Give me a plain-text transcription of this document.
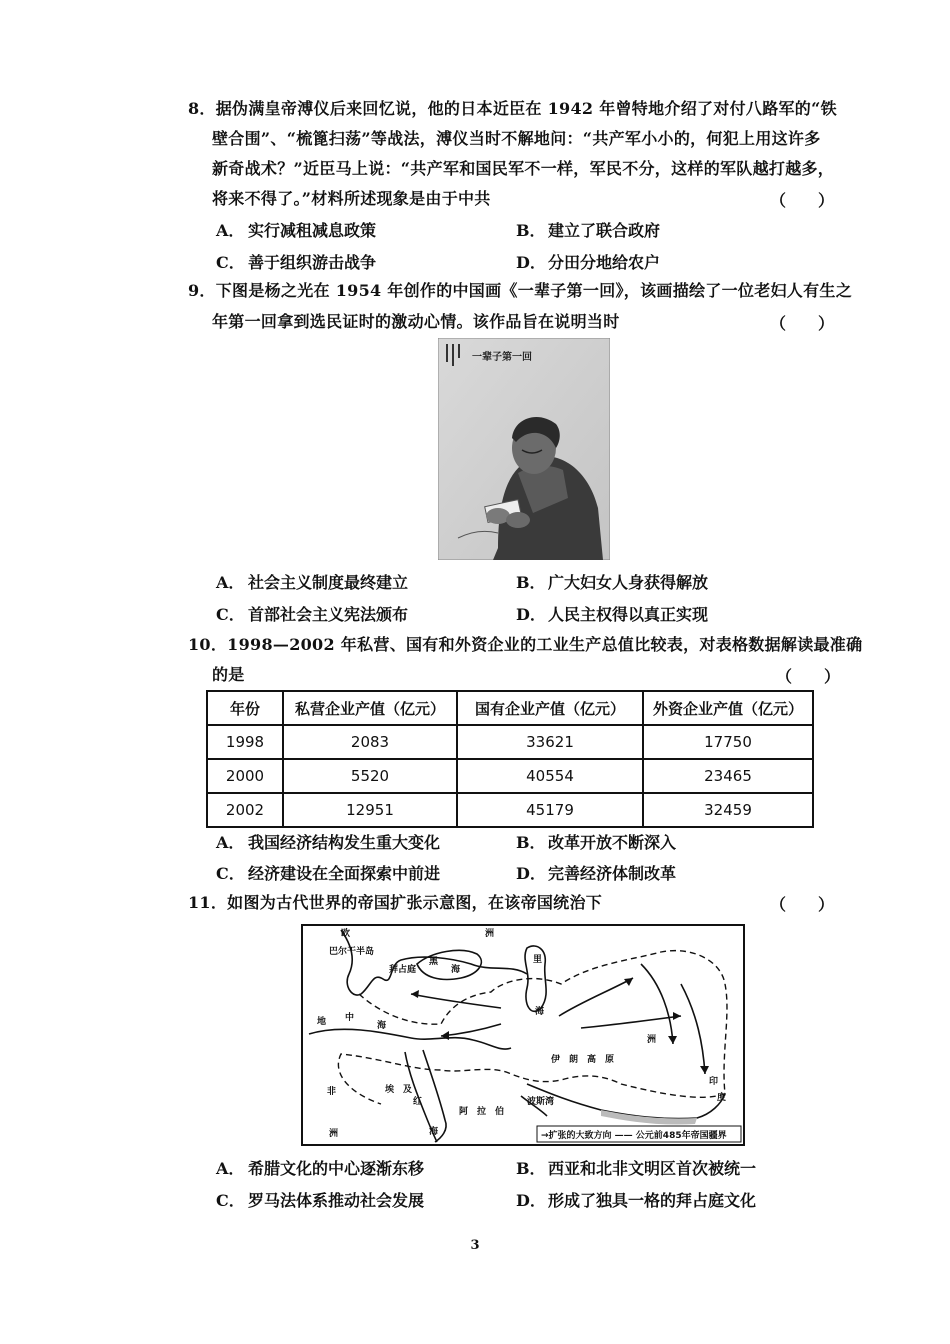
8．据伪满皇帝溥仪后来回忆说，他的日本近臣在 1942 年曾特地介绍了对付八路军的“铁
壁合围”、“梳篦扫荡”等战法，溥仪当时不解地问：“共产军小小的，何犯上用这许多
新奇战术？”近臣马上说：“共产军和国民军不一样，军民不分，这样的军队越打越多，
将来不得了。”材料所述现象是由于中共	（　　）
A． 实行减租减息政策	B． 建立了联合政府
C． 善于组织游击战争	D． 分田分地给农户
9．下图是杨之光在 1954 年创作的中国画《一辈子第一回》，该画描绘了一位老妇人有生之
年第一回拿到选民证时的激动心情。该作品旨在说明当时	（　　）
一辈子第一回
A． 社会主义制度最终建立	B． 广大妇女人身获得解放
C． 首部社会主义宪法颁布	D． 人民主权得以真正实现
10．1998—2002 年私营、国有和外资企业的工业生产总值比较表，对表格数据解读最准确
的是	（　　）
年份	私营企业产值（亿元）	国有企业产值（亿元）	外资企业产值（亿元）
1998	2083	33621	17750
2000	5520	40554	23465
2002	12951	45179	32459
A． 我国经济结构发生重大变化	B． 改革开放不断深入
C． 经济建设在全面探索中前进	D． 完善经济体制改革
11．如图为古代世界的帝国扩张示意图，在该帝国统治下	（　　）
欧	洲
巴尔干半岛
黑
海
拜占庭
里
海
地 中
海
伊　朗　高　原
洲
印
度
非
洲
埃　及
红
海
阿　拉　伯
波斯湾
→扩张的大致方向 —— 公元前485年帝国疆界
A． 希腊文化的中心逐渐东移	B． 西亚和北非文明区首次被统一
C． 罗马法体系推动社会发展	D． 形成了独具一格的拜占庭文化
3
